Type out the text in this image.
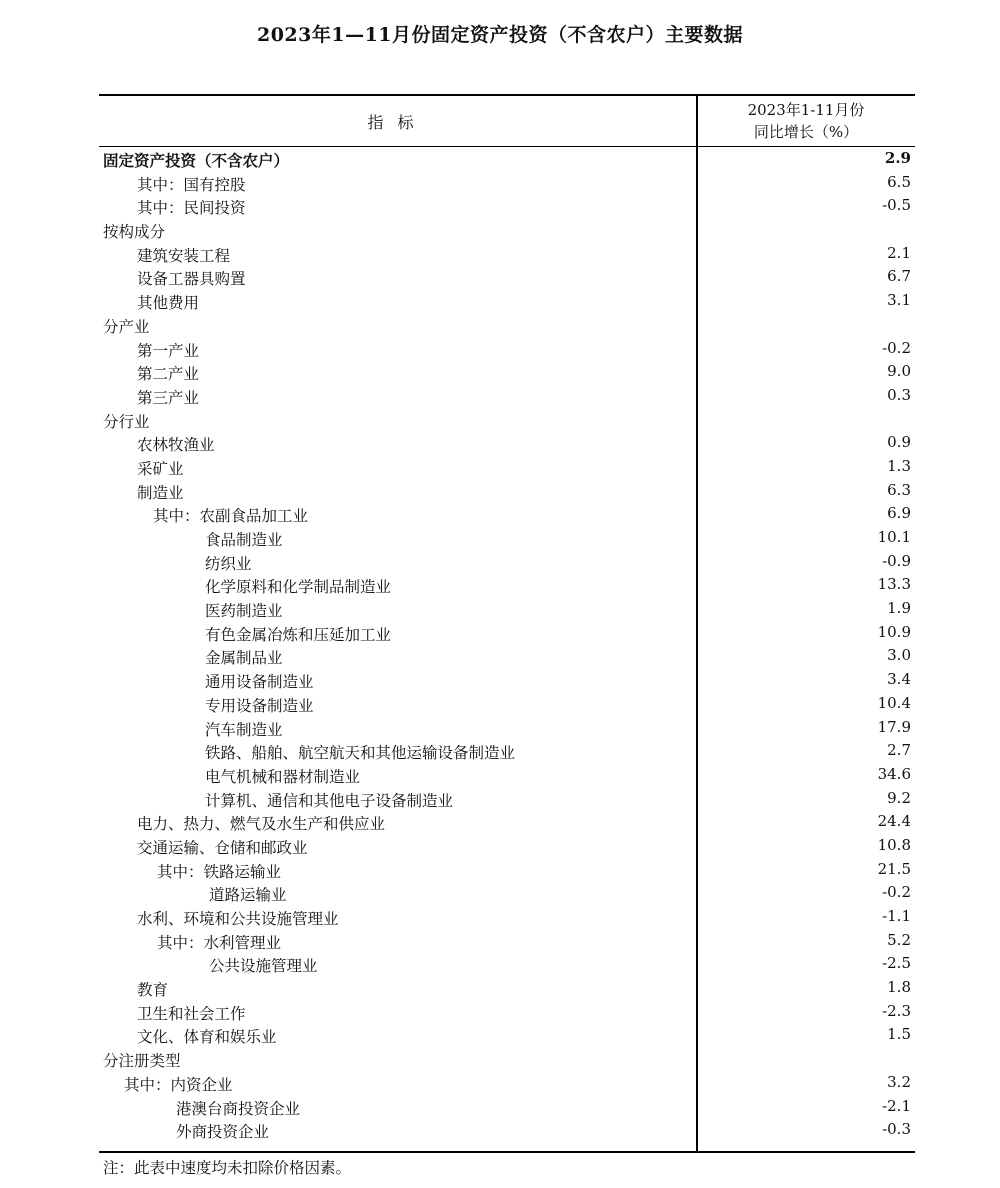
2023年1—11月份固定资产投资（不含农户）主要数据
指标
2023年1-11月份
同比增长（%）
固定资产投资（不含农户）	2.9
其中：国有控股	6.5
其中：民间投资	-0.5
按构成分
建筑安装工程	2.1
设备工器具购置	6.7
其他费用	3.1
分产业
第一产业	-0.2
第二产业	9.0
第三产业	0.3
分行业
农林牧渔业	0.9
采矿业	1.3
制造业	6.3
其中：农副食品加工业	6.9
食品制造业	10.1
纺织业	-0.9
化学原料和化学制品制造业	13.3
医药制造业	1.9
有色金属冶炼和压延加工业	10.9
金属制品业	3.0
通用设备制造业	3.4
专用设备制造业	10.4
汽车制造业	17.9
铁路、船舶、航空航天和其他运输设备制造业	2.7
电气机械和器材制造业	34.6
计算机、通信和其他电子设备制造业	9.2
电力、热力、燃气及水生产和供应业	24.4
交通运输、仓储和邮政业	10.8
其中：铁路运输业	21.5
道路运输业	-0.2
水利、环境和公共设施管理业	-1.1
其中：水利管理业	5.2
公共设施管理业	-2.5
教育	1.8
卫生和社会工作	-2.3
文化、体育和娱乐业	1.5
分注册类型
其中：内资企业	3.2
港澳台商投资企业	-2.1
外商投资企业	-0.3
注：此表中速度均未扣除价格因素。
